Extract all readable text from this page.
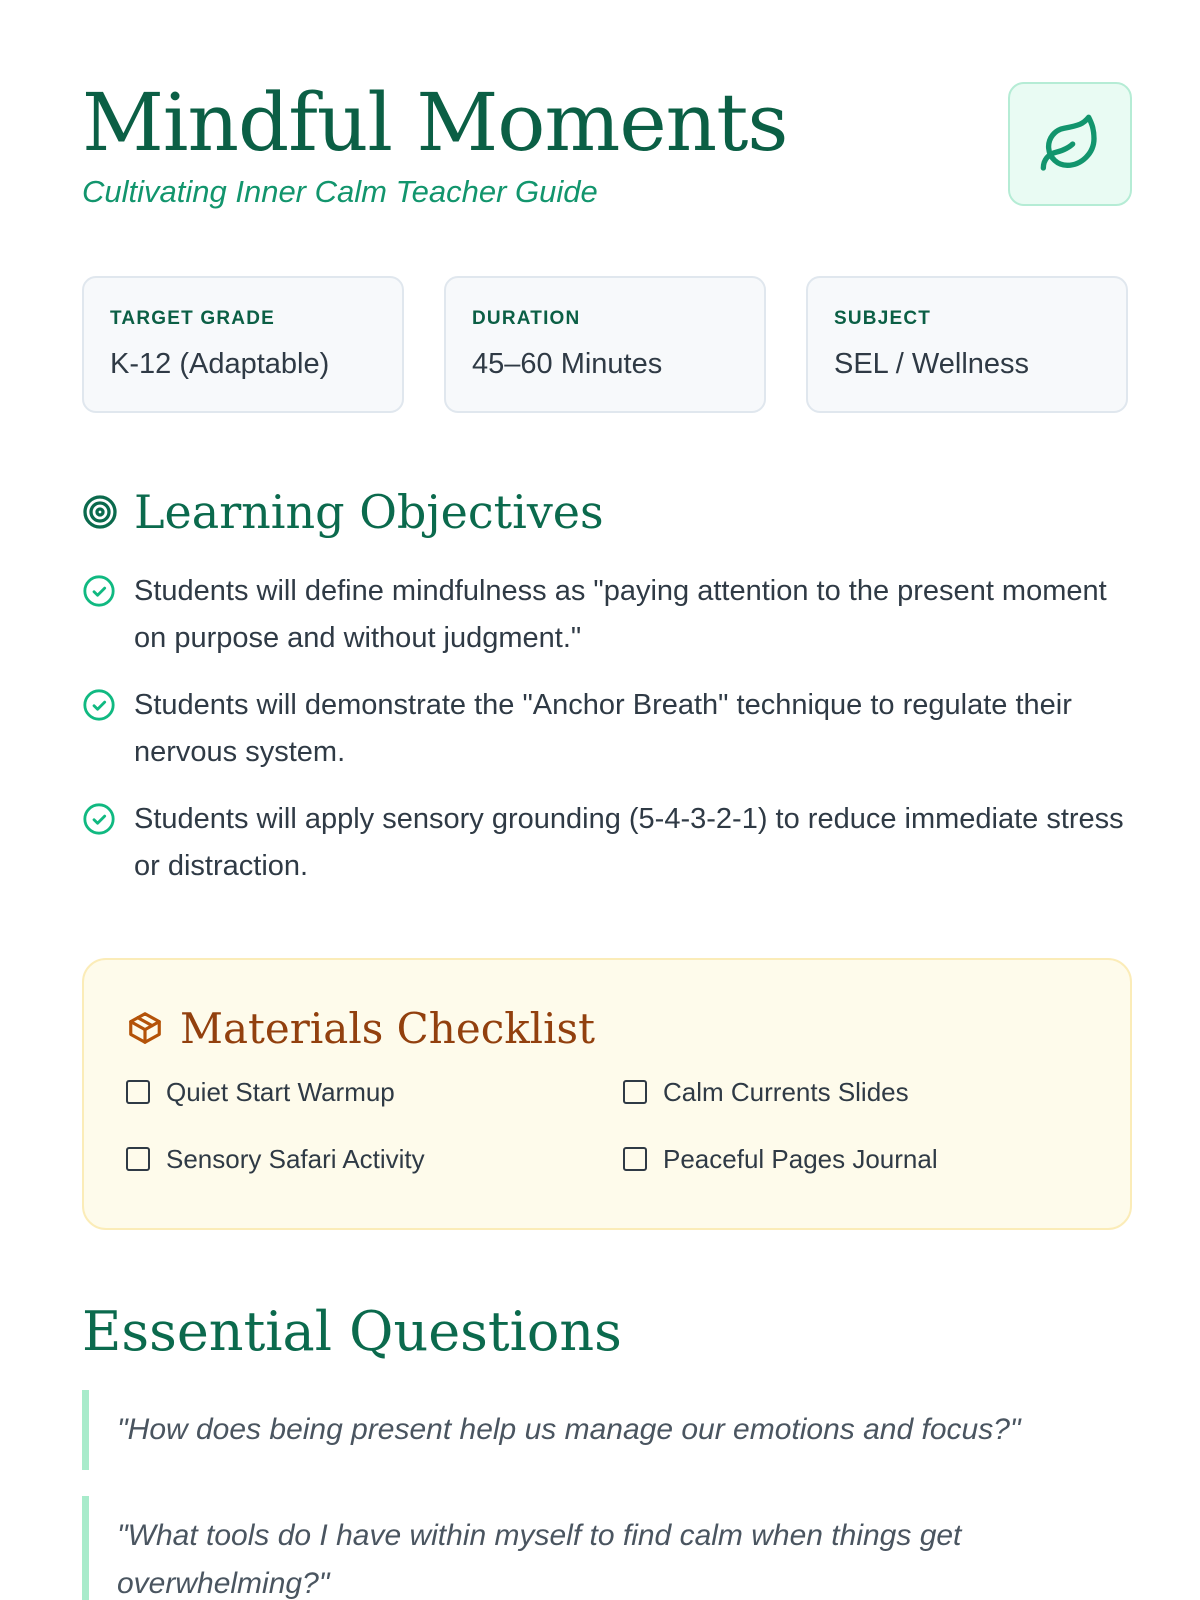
Mindful Moments
Cultivating Inner Calm Teacher Guide
TARGET GRADE
K-12 (Adaptable)
DURATION
45–60 Minutes
SUBJECT
SEL / Wellness
Learning Objectives
Students will define mindfulness as "paying attention to the present moment on purpose and without judgment."
Students will demonstrate the "Anchor Breath" technique to regulate their nervous system.
Students will apply sensory grounding (5-4-3-2-1) to reduce immediate stress or distraction.
Materials Checklist
Quiet Start Warmup	Calm Currents Slides
Sensory Safari Activity	Peaceful Pages Journal
Essential Questions
"How does being present help us manage our emotions and focus?"
"What tools do I have within myself to find calm when things get overwhelming?"
